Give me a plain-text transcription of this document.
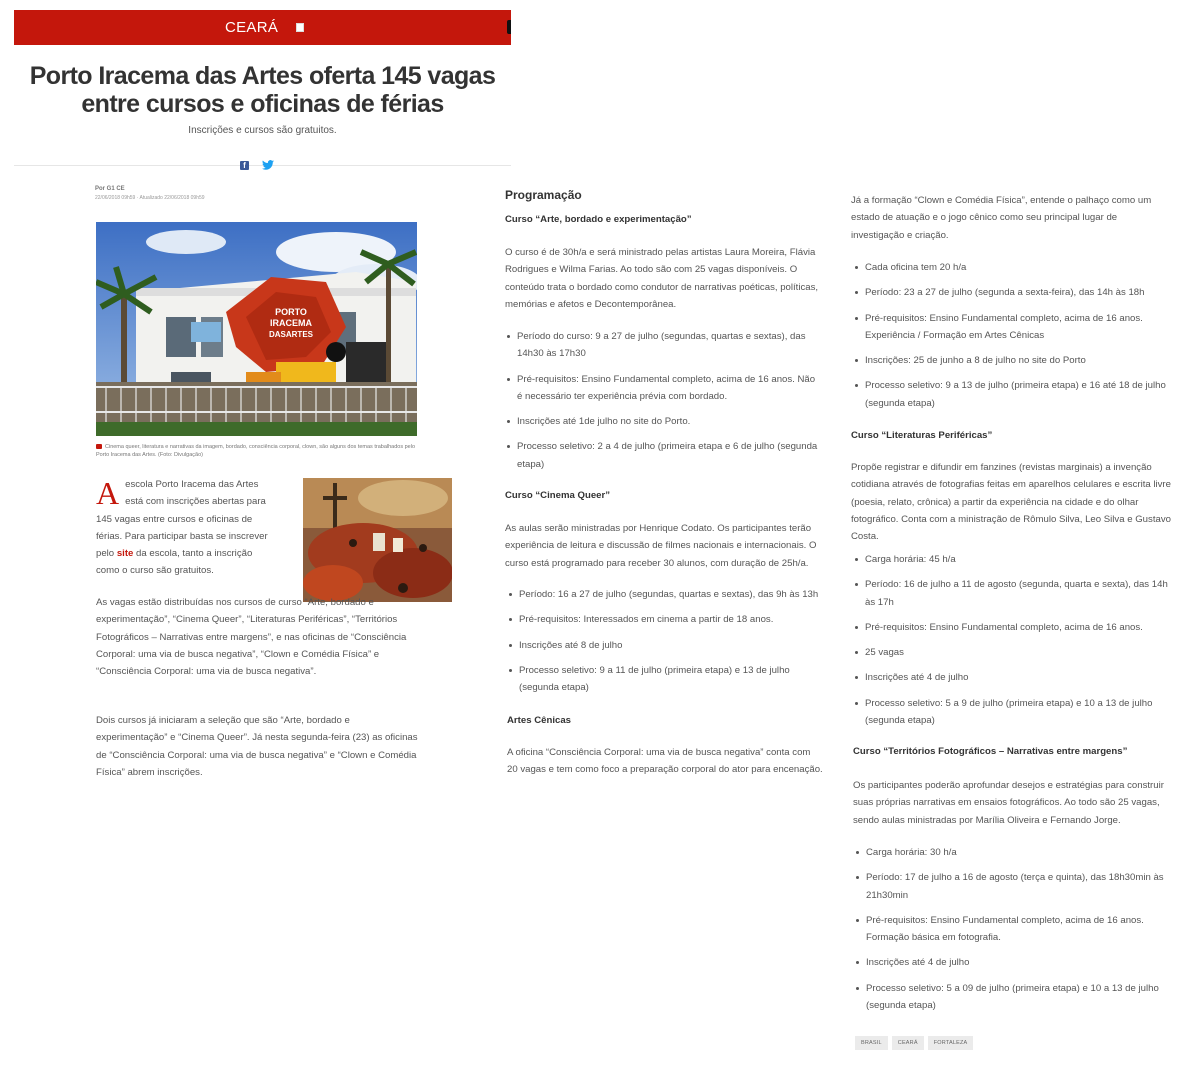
CEARÁ
Porto Iracema das Artes oferta 145 vagas
entre cursos e oficinas de férias
Inscrições e cursos são gratuitos.
f
Por G1 CE
22/06/2018 09h59 · Atualizado 22/06/2018 09h59
PORTO
IRACEMA
DASARTES
Cinema queer, literatura e narrativas da imagem, bordado, consciência corporal, clown, são alguns dos temas trabalhados pelo Porto Iracema das Artes. (Foto: Divulgação)
A escola Porto Iracema das Artes está com inscrições abertas para 145 vagas entre cursos e oficinas de férias. Para participar basta se inscrever pelo site da escola, tanto a inscrição como o curso são gratuitos.
As vagas estão distribuídas nos cursos de curso “Arte, bordado e experimentação”, “Cinema Queer”, “Literaturas Periféricas”, “Territórios Fotográficos – Narrativas entre margens”, e nas oficinas de “Consciência Corporal: uma via de busca negativa”, “Clown e Comédia Física” e “Consciência Corporal: uma via de busca negativa”.
Dois cursos já iniciaram a seleção que são “Arte, bordado e experimentação” e “Cinema Queer”. Já nesta segunda-feira (23) as oficinas de “Consciência Corporal: uma via de busca negativa” e “Clown e Comédia Física” abrem inscrições.
Programação
Curso “Arte, bordado e experimentação”
O curso é de 30h/a e será ministrado pelas artistas Laura Moreira, Flávia Rodrigues e Wilma Farias. Ao todo são com 25 vagas disponíveis. O conteúdo trata o bordado como condutor de narrativas poéticas, políticas, memórias e afetos e Decontemporânea.
Período do curso: 9 a 27 de julho (segundas, quartas e sextas), das 14h30 às 17h30
Pré-requisitos: Ensino Fundamental completo, acima de 16 anos. Não é necessário ter experiência prévia com bordado.
Inscrições até 1de julho no site do Porto.
Processo seletivo: 2 a 4 de julho (primeira etapa e 6 de julho (segunda etapa)
Curso “Cinema Queer”
As aulas serão ministradas por Henrique Codato. Os participantes terão experiência de leitura e discussão de filmes nacionais e internacionais. O curso está programado para receber 30 alunos, com duração de 25h/a.
Período: 16 a 27 de julho (segundas, quartas e sextas), das 9h às 13h
Pré-requisitos: Interessados em cinema a partir de 18 anos.
Inscrições até 8 de julho
Processo seletivo: 9 a 11 de julho (primeira etapa) e 13 de julho (segunda etapa)
Artes Cênicas
A oficina “Consciência Corporal: uma via de busca negativa” conta com 20 vagas e tem como foco a preparação corporal do ator para encenação.
Já a formação “Clown e Comédia Física”, entende o palhaço como um estado de atuação e o jogo cênico como seu principal lugar de investigação e criação.
Cada oficina tem 20 h/a
Período: 23 a 27 de julho (segunda a sexta-feira), das 14h às 18h
Pré-requisitos: Ensino Fundamental completo, acima de 16 anos. Experiência / Formação em Artes Cênicas
Inscrições: 25 de junho a 8 de julho no site do Porto
Processo seletivo: 9 a 13 de julho (primeira etapa) e 16 até 18 de julho (segunda etapa)
Curso “Literaturas Periféricas”
Propõe registrar e difundir em fanzines (revistas marginais) a invenção cotidiana através de fotografias feitas em aparelhos celulares e escrita livre (poesia, relato, crônica) a partir da experiência na cidade e do olhar fotográfico. Conta com a ministração de Rômulo Silva, Leo Silva e Gustavo Costa.
Carga horária: 45 h/a
Período: 16 de julho a 11 de agosto (segunda, quarta e sexta), das 14h às 17h
Pré-requisitos: Ensino Fundamental completo, acima de 16 anos.
25 vagas
Inscrições até 4 de julho
Processo seletivo: 5 a 9 de julho (primeira etapa) e 10 a 13 de julho (segunda etapa)
Curso “Territórios Fotográficos – Narrativas entre margens”
Os participantes poderão aprofundar desejos e estratégias para construir suas próprias narrativas em ensaios fotográficos. Ao todo são 25 vagas, sendo aulas ministradas por Marília Oliveira e Fernando Jorge.
Carga horária: 30 h/a
Período: 17 de julho a 16 de agosto (terça e quinta), das 18h30min às 21h30min
Pré-requisitos: Ensino Fundamental completo, acima de 16 anos. Formação básica em fotografia.
Inscrições até 4 de julho
Processo seletivo: 5 a 09 de julho (primeira etapa) e 10 a 13 de julho (segunda etapa)
BRASIL	CEARÁ	FORTALEZA
